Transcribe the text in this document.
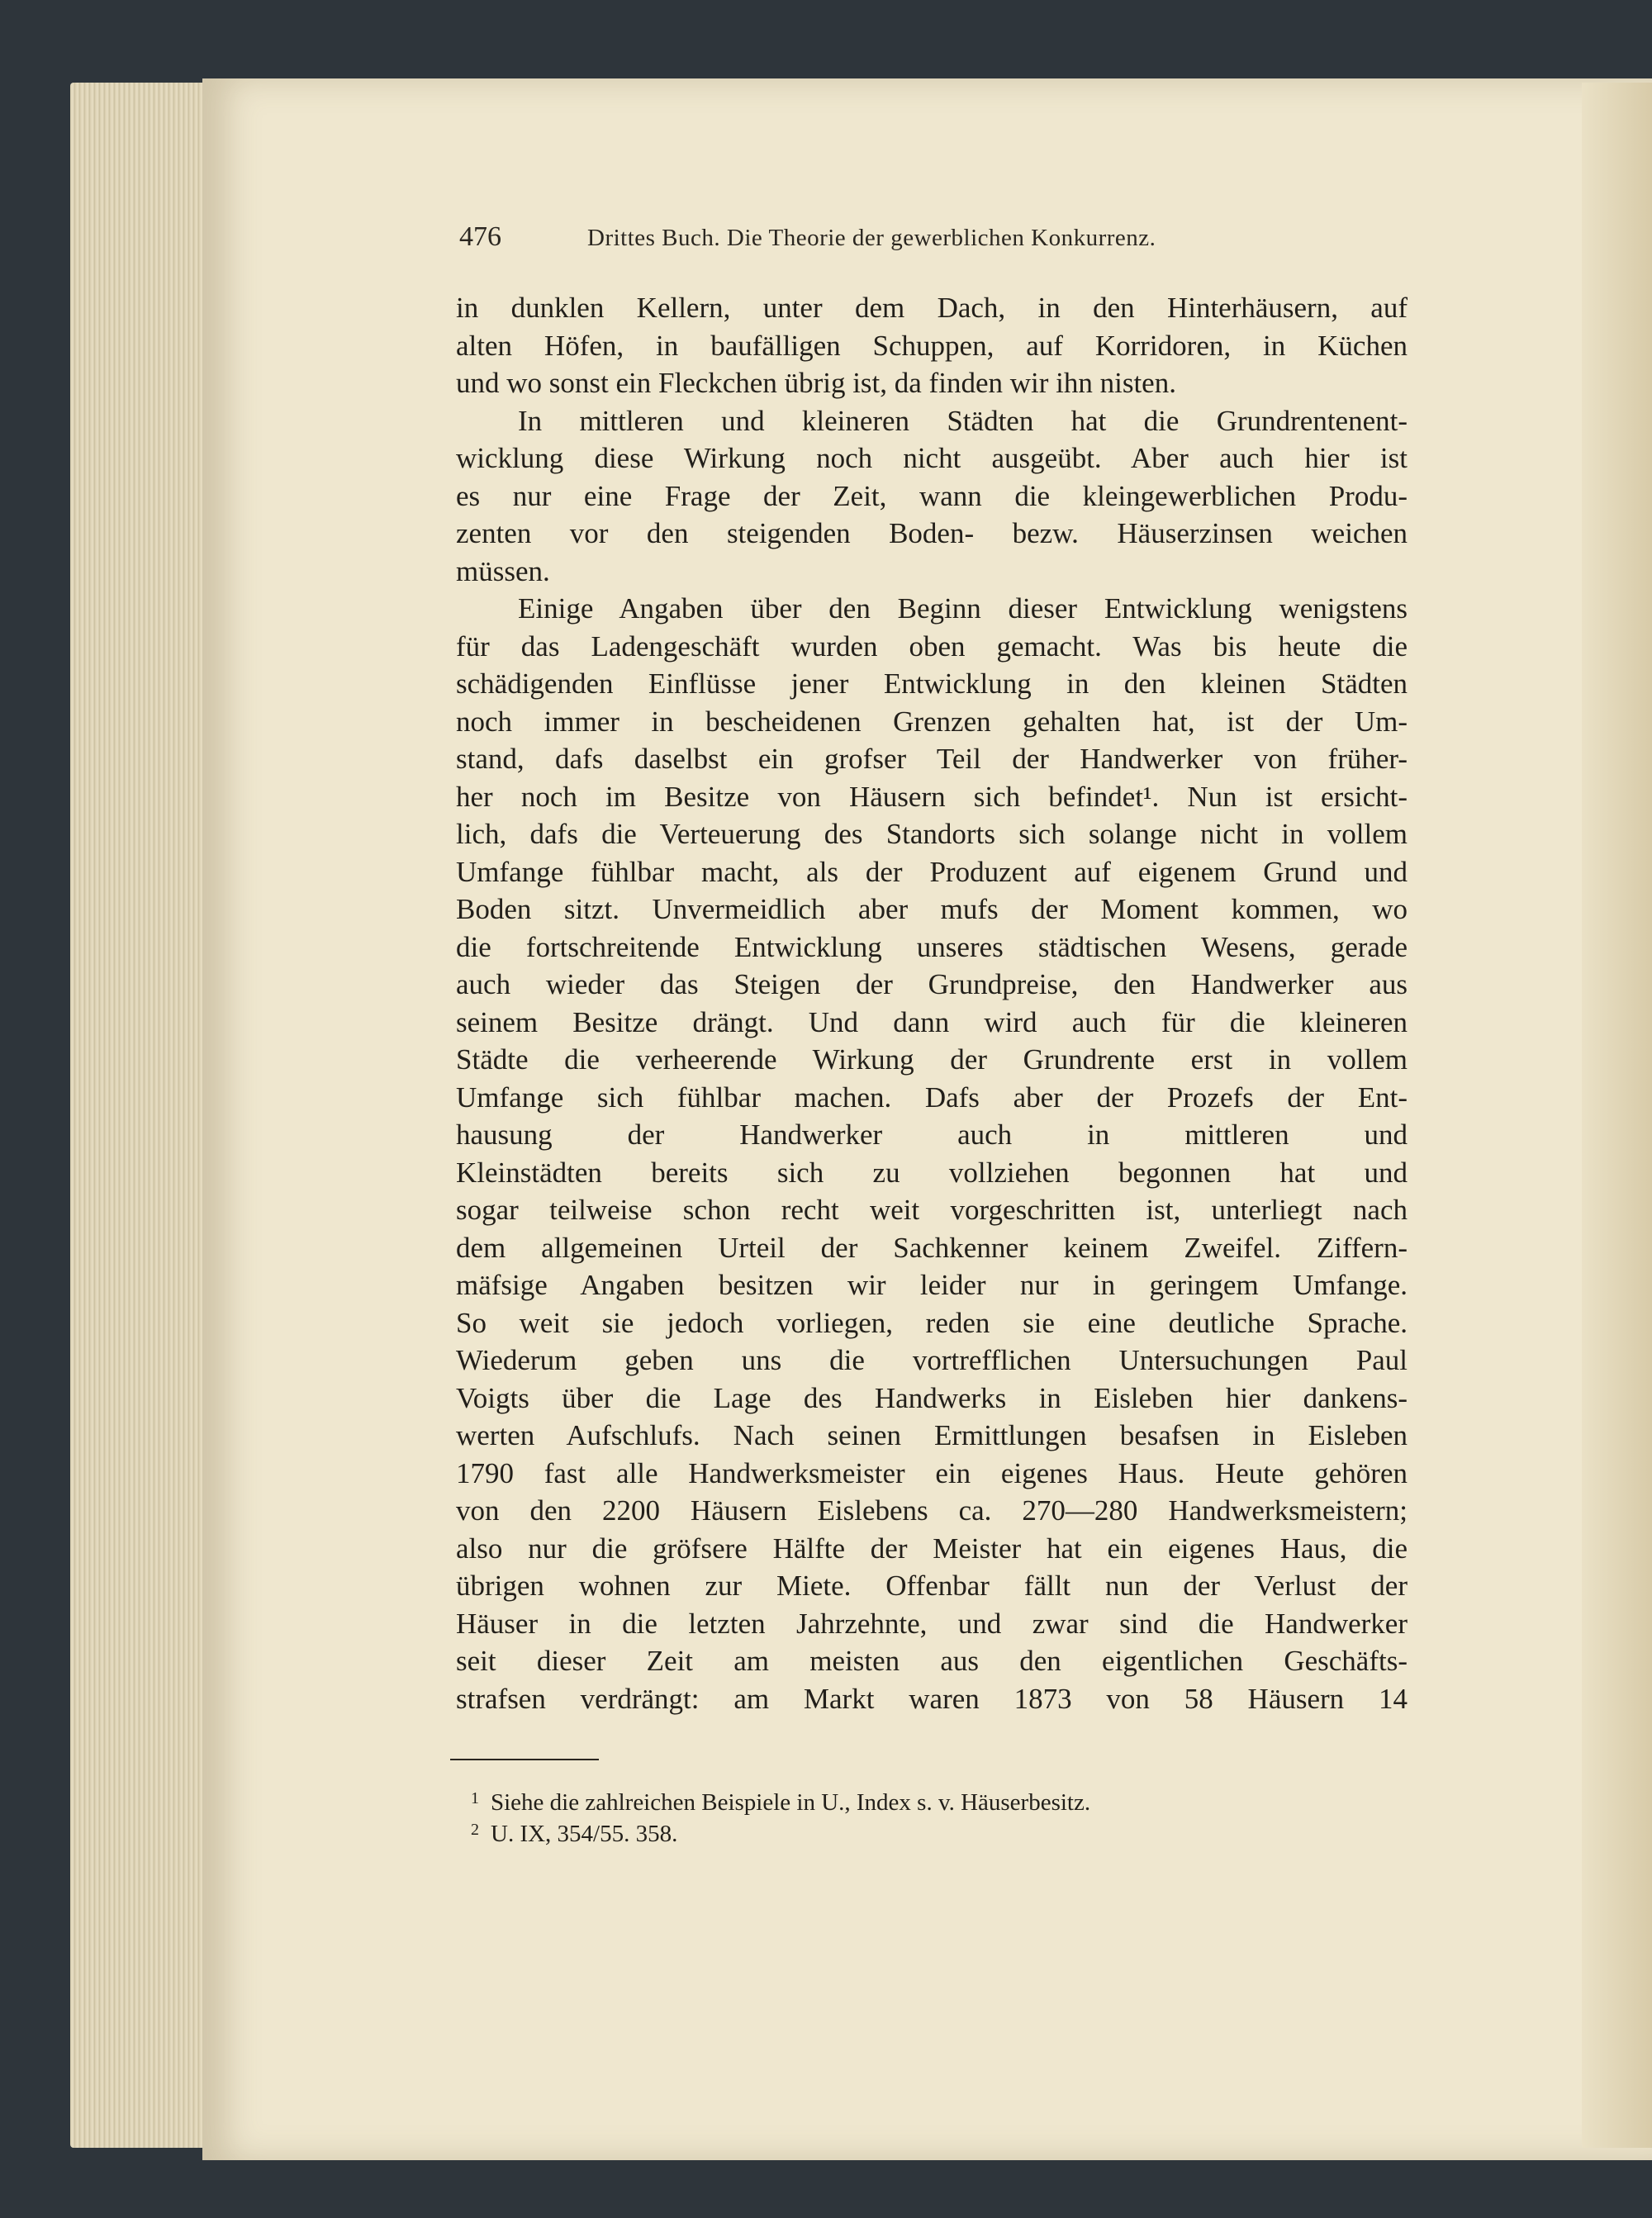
476	Drittes Buch. Die Theorie der gewerblichen Konkurrenz.
in dunklen Kellern, unter dem Dach, in den Hinterhäusern, auf
alten Höfen, in baufälligen Schuppen, auf Korridoren, in Küchen
und wo sonst ein Fleckchen übrig ist, da finden wir ihn nisten.
In mittleren und kleineren Städten hat die Grundrentenent-
wicklung diese Wirkung noch nicht ausgeübt. Aber auch hier ist
es nur eine Frage der Zeit, wann die kleingewerblichen Produ-
zenten vor den steigenden Boden- bezw. Häuserzinsen weichen
müssen.
Einige Angaben über den Beginn dieser Entwicklung wenigstens
für das Ladengeschäft wurden oben gemacht. Was bis heute die
schädigenden Einflüsse jener Entwicklung in den kleinen Städten
noch immer in bescheidenen Grenzen gehalten hat, ist der Um-
stand, dafs daselbst ein grofser Teil der Handwerker von früher-
her noch im Besitze von Häusern sich befindet¹. Nun ist ersicht-
lich, dafs die Verteuerung des Standorts sich solange nicht in vollem
Umfange fühlbar macht, als der Produzent auf eigenem Grund und
Boden sitzt. Unvermeidlich aber mufs der Moment kommen, wo
die fortschreitende Entwicklung unseres städtischen Wesens, gerade
auch wieder das Steigen der Grundpreise, den Handwerker aus
seinem Besitze drängt. Und dann wird auch für die kleineren
Städte die verheerende Wirkung der Grundrente erst in vollem
Umfange sich fühlbar machen. Dafs aber der Prozefs der Ent-
hausung der Handwerker auch in mittleren und
Kleinstädten bereits sich zu vollziehen begonnen hat und
sogar teilweise schon recht weit vorgeschritten ist, unterliegt nach
dem allgemeinen Urteil der Sachkenner keinem Zweifel. Ziffern-
mäfsige Angaben besitzen wir leider nur in geringem Umfange.
So weit sie jedoch vorliegen, reden sie eine deutliche Sprache.
Wiederum geben uns die vortrefflichen Untersuchungen Paul
Voigts über die Lage des Handwerks in Eisleben hier dankens-
werten Aufschlufs. Nach seinen Ermittlungen besafsen in Eisleben
1790 fast alle Handwerksmeister ein eigenes Haus. Heute gehören
von den 2200 Häusern Eislebens ca. 270—280 Handwerksmeistern;
also nur die gröfsere Hälfte der Meister hat ein eigenes Haus, die
übrigen wohnen zur Miete. Offenbar fällt nun der Verlust der
Häuser in die letzten Jahrzehnte, und zwar sind die Handwerker
seit dieser Zeit am meisten aus den eigentlichen Geschäfts-
strafsen verdrängt: am Markt waren 1873 von 58 Häusern 14
1 Siehe die zahlreichen Beispiele in U., Index s. v. Häuserbesitz.
2 U. IX, 354/55. 358.
